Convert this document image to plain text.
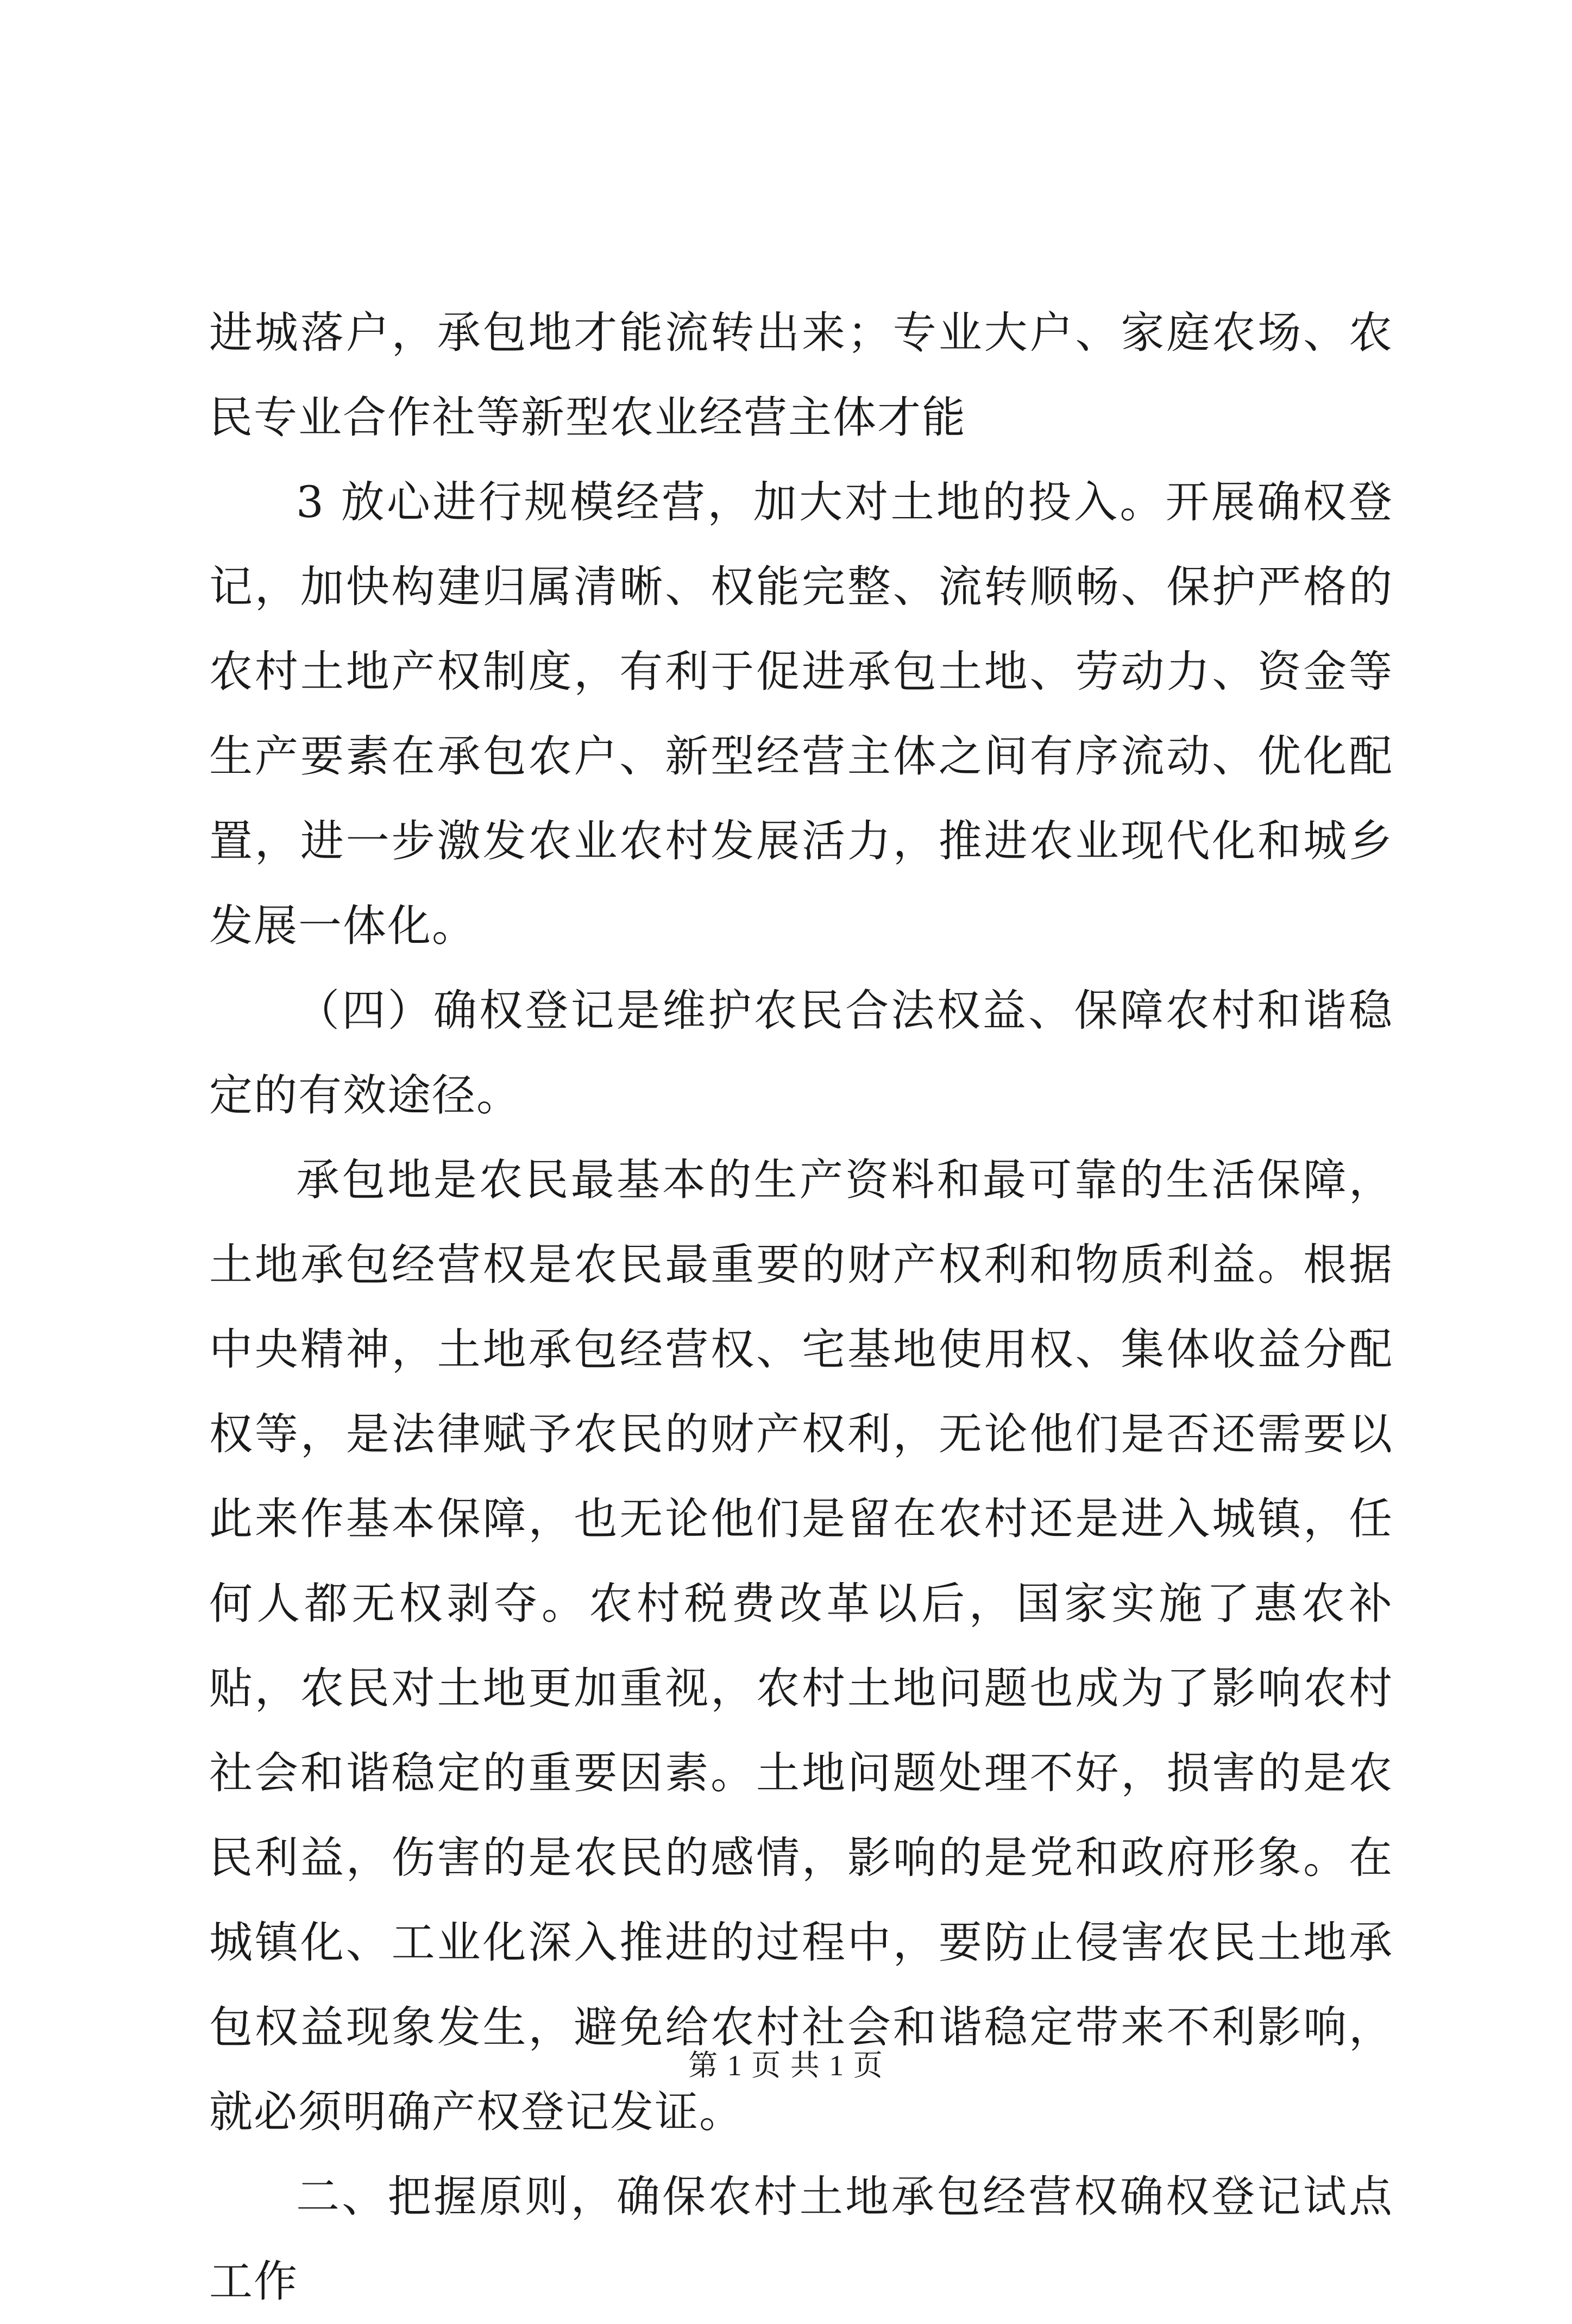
进城落户，承包地才能流转出来；专业大户、家庭农场、农民专业合作社等新型农业经营主体才能

3 放心进行规模经营，加大对土地的投入。开展确权登记，加快构建归属清晰、权能完整、流转顺畅、保护严格的农村土地产权制度，有利于促进承包土地、劳动力、资金等生产要素在承包农户、新型经营主体之间有序流动、优化配置，进一步激发农业农村发展活力，推进农业现代化和城乡发展一体化。

（四）确权登记是维护农民合法权益、保障农村和谐稳定的有效途径。

承包地是农民最基本的生产资料和最可靠的生活保障，土地承包经营权是农民最重要的财产权利和物质利益。根据中央精神，土地承包经营权、宅基地使用权、集体收益分配权等，是法律赋予农民的财产权利，无论他们是否还需要以此来作基本保障，也无论他们是留在农村还是进入城镇，任何人都无权剥夺。农村税费改革以后，国家实施了惠农补贴，农民对土地更加重视，农村土地问题也成为了影响农村社会和谐稳定的重要因素。土地问题处理不好，损害的是农民利益，伤害的是农民的感情，影响的是党和政府形象。在城镇化、工业化深入推进的过程中，要防止侵害农民土地承包权益现象发生，避免给农村社会和谐稳定带来不利影响，就必须明确产权登记发证。

二、把握原则，确保农村土地承包经营权确权登记试点工作

第 1 页 共 1 页
